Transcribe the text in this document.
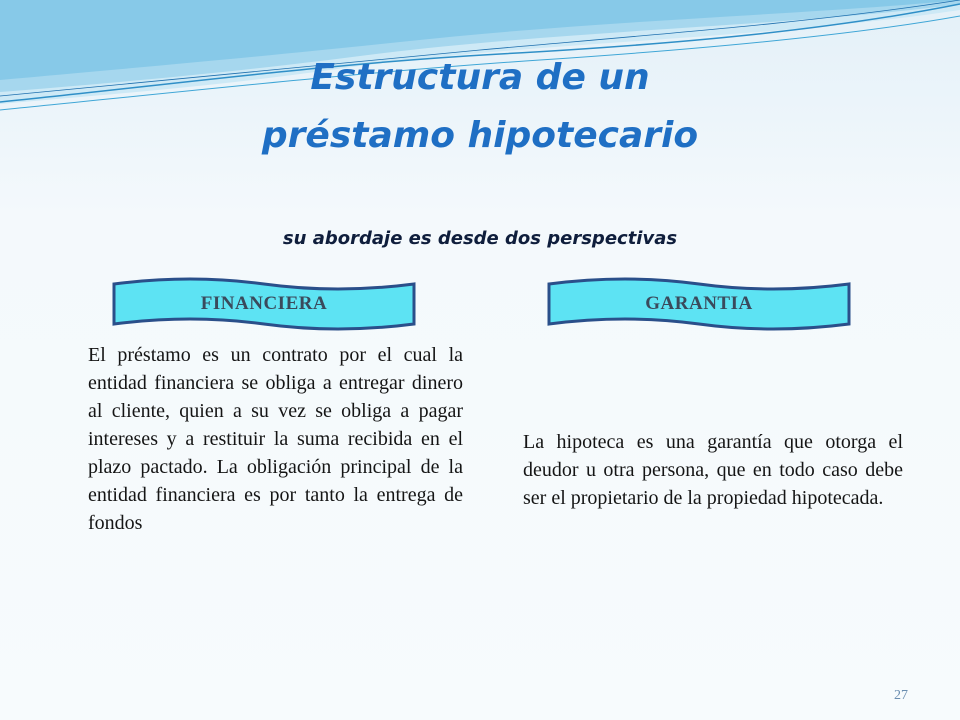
Estructura de un
préstamo hipotecario
su abordaje es desde dos perspectivas
FINANCIERA	GARANTIA

El préstamo es un contrato por el cual la entidad financiera se obliga a entregar dinero al cliente, quien a su vez se obliga a pagar intereses y a restituir la suma recibida en el plazo pactado. La obligación principal de la entidad financiera es por tanto la entrega de fondos

La hipoteca es una garantía que otorga el deudor u otra persona, que en todo caso debe ser el propietario de la propiedad hipotecada.

27
